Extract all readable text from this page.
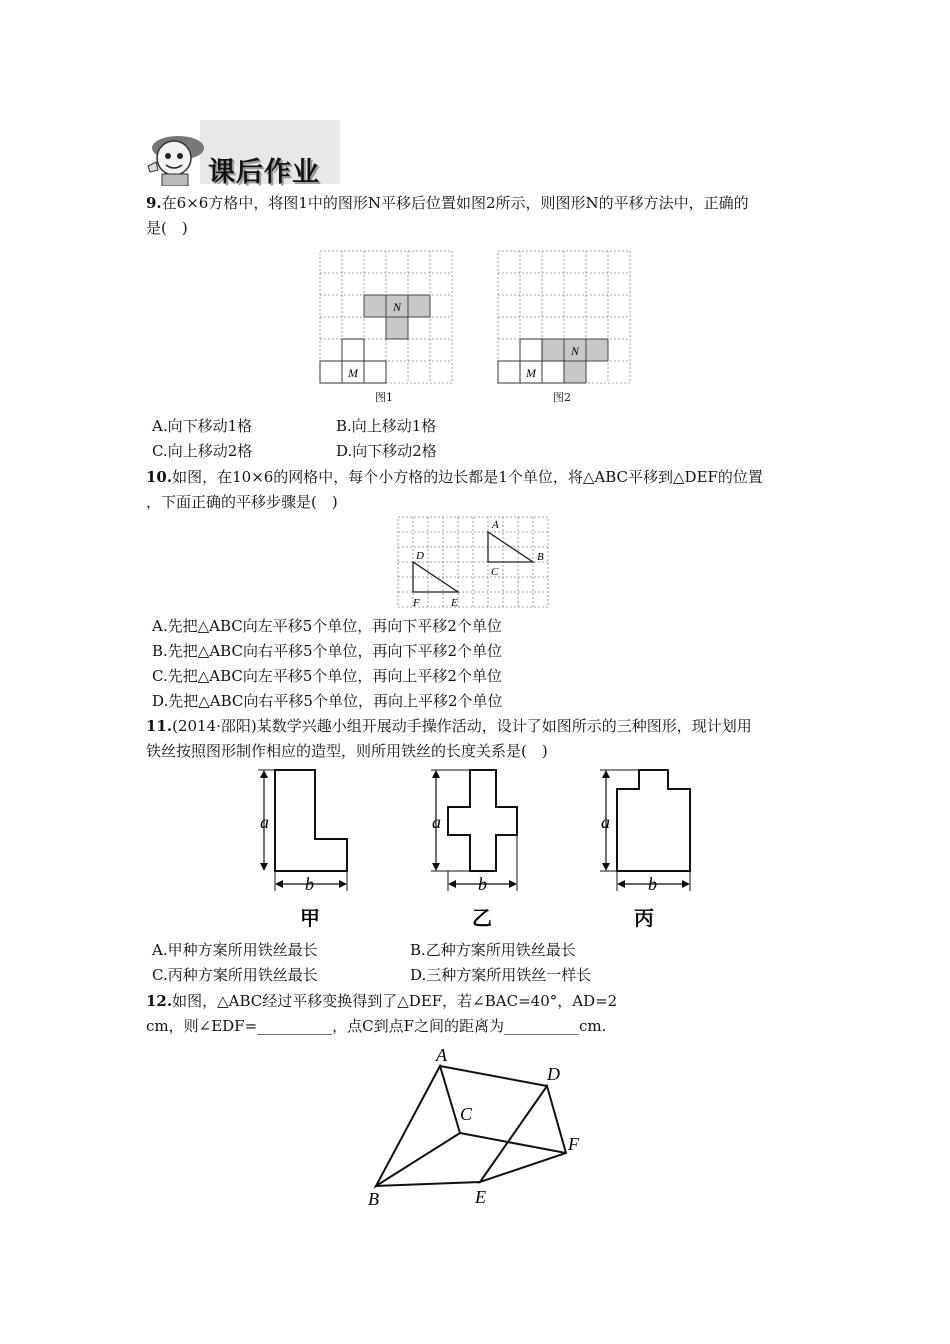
课后作业
9.在6×6方格中，将图1中的图形N平移后位置如图2所示，则图形N的平移方法中，正确的
是(　)
N
M
N
M
图1	图2
A.向下移动1格	B.向上移动1格
C.向上移动2格	D.向下移动2格
10.如图，在10×6的网格中，每个小方格的边长都是1个单位，将△ABC平移到△DEF的位置
，下面正确的平移步骤是(　)
A
B
C
D
E
F
A.先把△ABC向左平移5个单位，再向下平移2个单位
B.先把△ABC向右平移5个单位，再向下平移2个单位
C.先把△ABC向左平移5个单位，再向上平移2个单位
D.先把△ABC向右平移5个单位，再向上平移2个单位
11.(2014·邵阳)某数学兴趣小组开展动手操作活动，设计了如图所示的三种图形，现计划用
铁丝按照图形制作相应的造型，则所用铁丝的长度关系是(　)
a
b
a
b
a
b
甲	乙	丙
A.甲种方案所用铁丝最长	B.乙种方案所用铁丝最长
C.丙种方案所用铁丝最长	D.三种方案所用铁丝一样长
12.如图，△ABC经过平移变换得到了△DEF，若∠BAC=40°，AD=2
cm，则∠EDF=__________，点C到点F之间的距离为__________cm.
A
B
C
D
E
F
